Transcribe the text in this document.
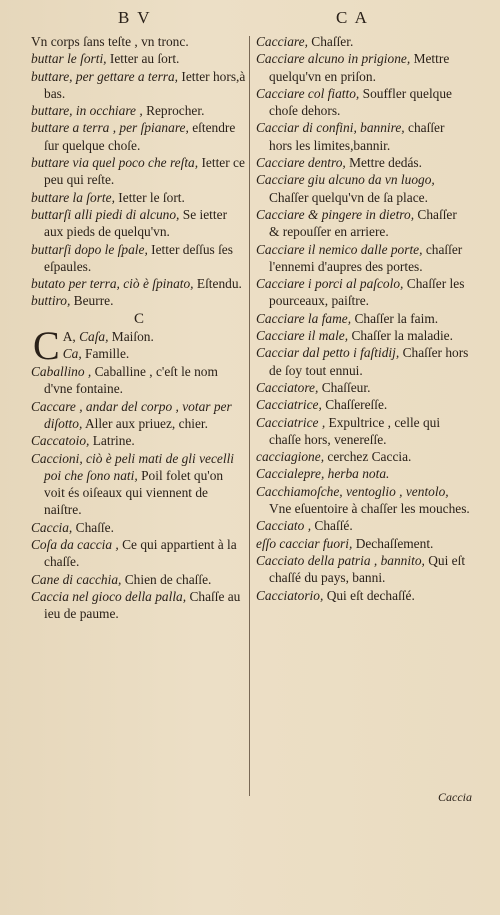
B V	C A

Vn corps ſans teſte , vn tronc.

buttar le ſorti, Ietter au ſort.

buttare, per gettare a terra, Ietter hors,à bas.

buttare, in occhiare , Reprocher.

buttare a terra , per ſpianare, eſtendre ſur quelque choſe.

buttare via quel poco che reſta, Ietter ce peu qui reſte.

buttare la ſorte, Ietter le ſort.

buttarſi alli piedi di alcuno, Se ietter aux pieds de quelqu'vn.

buttarſi dopo le ſpale, Ietter deſſus ſes eſpaules.

butato per terra, ciò è ſpinato, Eſtendu.

buttiro, Beurre.

C

C A, Caſa, Maiſon.
Ca, Famille.

Caballino , Caballine , c'eſt le nom d'vne fontaine.

Caccare , andar del corpo , votar per diſotto, Aller aux priuez, chier.

Caccatoio, Latrine.

Caccioni, ciò è peli mati de gli vecelli poi che ſono nati, Poil folet qu'on voit és oiſeaux qui viennent de naiſtre.

Caccia, Chaſſe.

Coſa da caccia , Ce qui appartient à la chaſſe.

Cane di cacchia, Chien de chaſſe.

Caccia nel gioco della palla, Chaſſe au ieu de paume.

Cacciare, Chaſſer.

Cacciare alcuno in prigione, Mettre quelqu'vn en priſon.

Cacciare col fiatto, Souffler quelque choſe dehors.

Cacciar di confini, bannire, chaſſer hors les limites,bannir.

Cacciare dentro, Mettre dedás.

Cacciare giu alcuno da vn luogo, Chaſſer quelqu'vn de ſa place.

Cacciare & pingere in dietro, Chaſſer & repouſſer en arriere.

Cacciare il nemico dalle porte, chaſſer l'ennemi d'aupres des portes.

Cacciare i porci al paſcolo, Chaſſer les pourceaux, paiſtre.

Cacciare la fame, Chaſſer la faim.

Cacciare il male, Chaſſer la maladie.

Cacciar dal petto i faſtidij, Chaſſer hors de ſoy tout ennui.

Cacciatore, Chaſſeur.

Cacciatrice, Chaſſereſſe.

Cacciatrice , Expultrice , celle qui chaſſe hors, venereſſe.

cacciagione, cerchez Caccia.

Caccialepre, herba nota.

Cacchiamoſche, ventoglio , ventolo, Vne eſuentoire à chaſſer les mouches.

Cacciato , Chaſſé.

eſſo cacciar fuori, Dechaſſement.

Cacciato della patria , bannito, Qui eſt chaſſé du pays, banni.

Cacciatorio, Qui eſt dechaſſé.

Caccia
